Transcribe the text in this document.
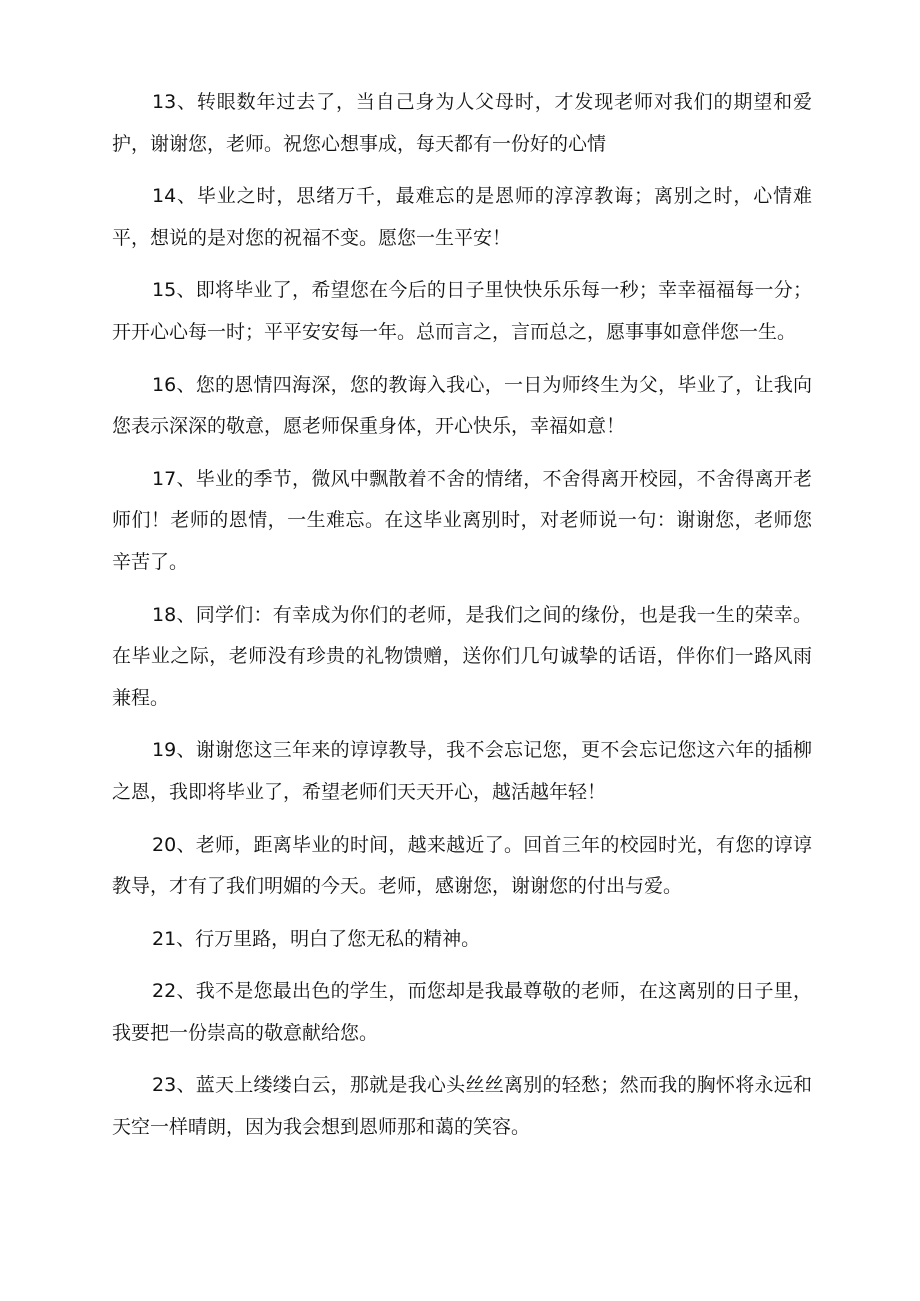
13、转眼数年过去了，当自己身为人父母时，才发现老师对我们的期望和爱护，谢谢您，老师。祝您心想事成，每天都有一份好的心情

14、毕业之时，思绪万千，最难忘的是恩师的淳淳教诲；离别之时，心情难平，想说的是对您的祝福不变。愿您一生平安！

15、即将毕业了，希望您在今后的日子里快快乐乐每一秒；幸幸福福每一分；开开心心每一时；平平安安每一年。总而言之，言而总之，愿事事如意伴您一生。

16、您的恩情四海深，您的教诲入我心，一日为师终生为父，毕业了，让我向您表示深深的敬意，愿老师保重身体，开心快乐，幸福如意！

17、毕业的季节，微风中飘散着不舍的情绪，不舍得离开校园，不舍得离开老师们！老师的恩情，一生难忘。在这毕业离别时，对老师说一句：谢谢您，老师您辛苦了。

18、同学们：有幸成为你们的老师，是我们之间的缘份，也是我一生的荣幸。在毕业之际，老师没有珍贵的礼物馈赠，送你们几句诚挚的话语，伴你们一路风雨兼程。

19、谢谢您这三年来的谆谆教导，我不会忘记您，更不会忘记您这六年的插柳之恩，我即将毕业了，希望老师们天天开心，越活越年轻！

20、老师，距离毕业的时间，越来越近了。回首三年的校园时光，有您的谆谆教导，才有了我们明媚的今天。老师，感谢您，谢谢您的付出与爱。

21、行万里路，明白了您无私的精神。

22、我不是您最出色的学生，而您却是我最尊敬的老师，在这离别的日子里，我要把一份崇高的敬意献给您。

23、蓝天上缕缕白云，那就是我心头丝丝离别的轻愁；然而我的胸怀将永远和天空一样晴朗，因为我会想到恩师那和蔼的笑容。
